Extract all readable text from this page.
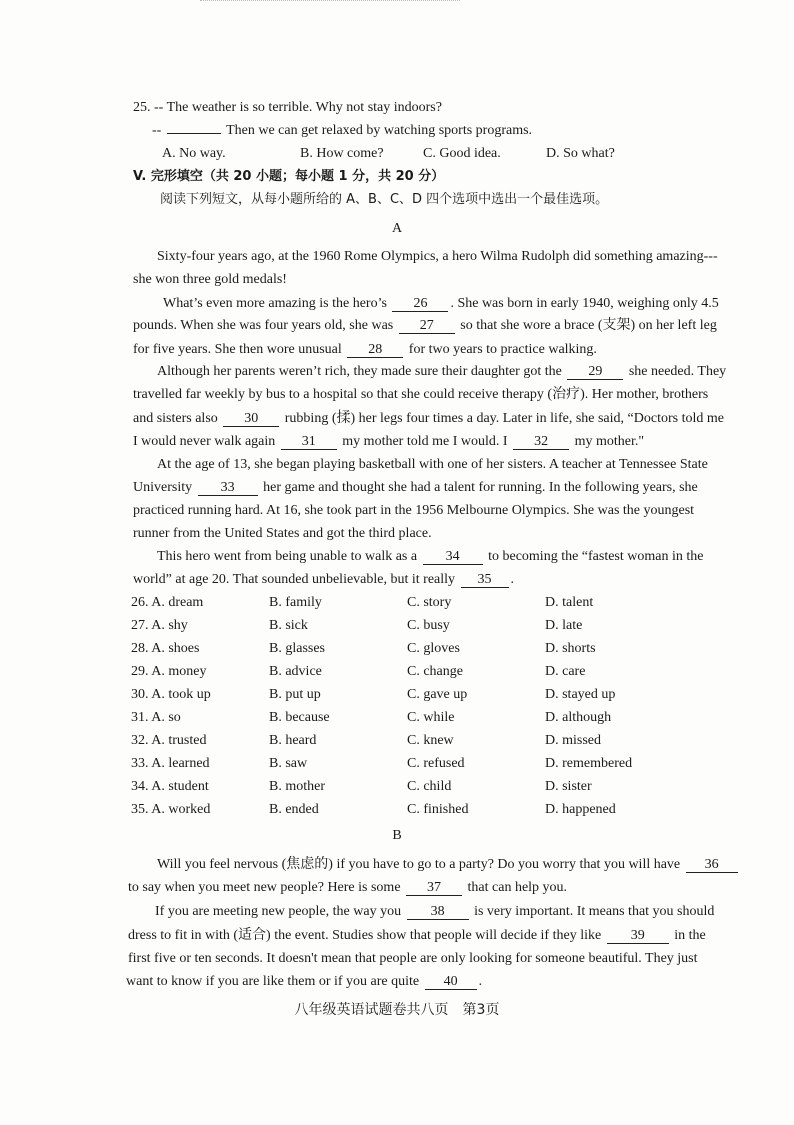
25. -- The weather is so terrible. Why not stay indoors?
--	Then we can get relaxed by watching sports programs.
A. No way.	B. How come?	C. Good idea.	D. So what?
V. 完形填空（共 20 小题；每小题 1 分，共 20 分）
阅读下列短文，从每小题所给的 A、B、C、D 四个选项中选出一个最佳选项。
A
Sixty-four years ago, at the 1960 Rome Olympics, a hero Wilma Rudolph did something amazing---
she won three gold medals!
What’s even more amazing is the hero’s 26 . She was born in early 1940, weighing only 4.5
pounds. When she was four years old, she was 27 so that she wore a brace (支架) on her left leg
for five years. She then wore unusual 28 for two years to practice walking.
Although her parents weren’t rich, they made sure their daughter got the 29 she needed. They
travelled far weekly by bus to a hospital so that she could receive therapy (治疗). Her mother, brothers
and sisters also 30 rubbing (揉) her legs four times a day. Later in life, she said, “Doctors told me
I would never walk again 31 my mother told me I would. I 32 my mother."
At the age of 13, she began playing basketball with one of her sisters. A teacher at Tennessee State
University 33 her game and thought she had a talent for running. In the following years, she
practiced running hard. At 16, she took part in the 1956 Melbourne Olympics. She was the youngest
runner from the United States and got the third place.
This hero went from being unable to walk as a 34 to becoming the “fastest woman in the
world” at age 20. That sounded unbelievable, but it really 35 .
26. A. dream	B. family	C. story	D. talent
27. A. shy	B. sick	C. busy	D. late
28. A. shoes	B. glasses	C. gloves	D. shorts
29. A. money	B. advice	C. change	D. care
30. A. took up	B. put up	C. gave up	D. stayed up
31. A. so	B. because	C. while	D. although
32. A. trusted	B. heard	C. knew	D. missed
33. A. learned	B. saw	C. refused	D. remembered
34. A. student	B. mother	C. child	D. sister
35. A. worked	B. ended	C. finished	D. happened
B
Will you feel nervous (焦虑的) if you have to go to a party? Do you worry that you will have 36
to say when you meet new people? Here is some 37 that can help you.
If you are meeting new people, the way you 38 is very important. It means that you should
dress to fit in with (适合) the event. Studies show that people will decide if they like 39 in the
first five or ten seconds. It doesn't mean that people are only looking for someone beautiful. They just
want to know if you are like them or if you are quite 40 .
八年级英语试题卷共八页　第3页
